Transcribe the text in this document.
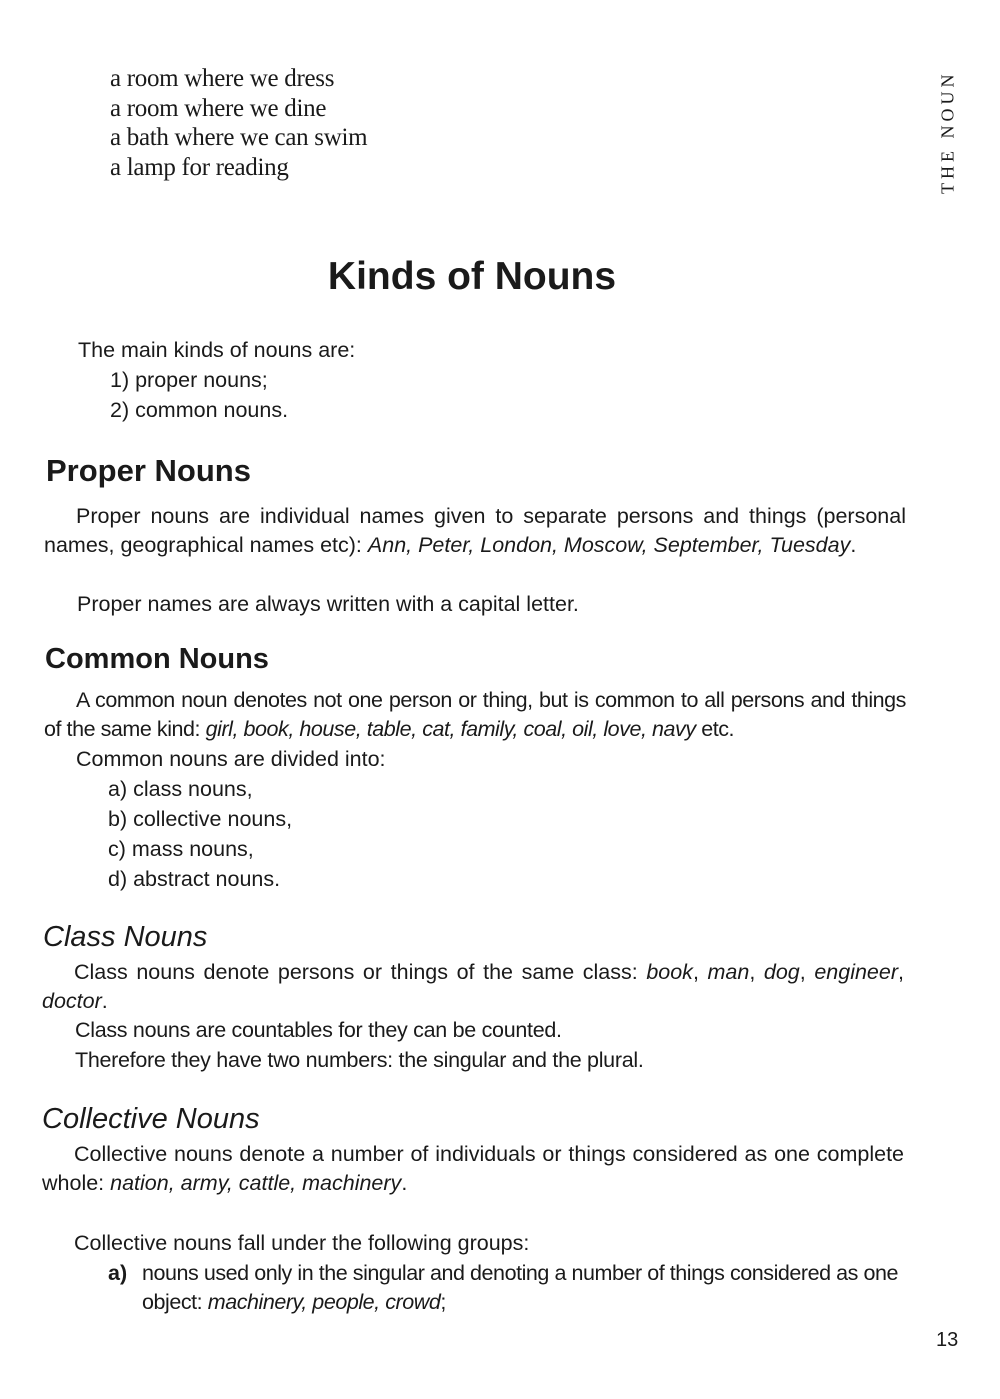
THE NOUN
a room where we dress
a room where we dine
a bath where we can swim
a lamp for reading
Kinds of Nouns
The main kinds of nouns are:
1) proper nouns;
2) common nouns.
Proper Nouns
Proper nouns are individual names given to separate persons and things (personal names, geographical names etc): Ann, Peter, London, Moscow, September, Tuesday.
Proper names are always written with a capital letter.
Common Nouns
A common noun denotes not one person or thing, but is common to all persons and things of the same kind: girl, book, house, table, cat, family, coal, oil, love, navy etc.
Common nouns are divided into:
a) class nouns,
b) collective nouns,
c) mass nouns,
d) abstract nouns.
Class Nouns
Class nouns denote persons or things of the same class: book, man, dog, engineer, doctor.
Class nouns are countables for they can be counted.
Therefore they have two numbers: the singular and the plural.
Collective Nouns
Collective nouns denote a number of individuals or things considered as one complete whole: nation, army, cattle, machinery.
Collective nouns fall under the following groups:
a) nouns used only in the singular and denoting a number of things considered as one object: machinery, people, crowd;
13
